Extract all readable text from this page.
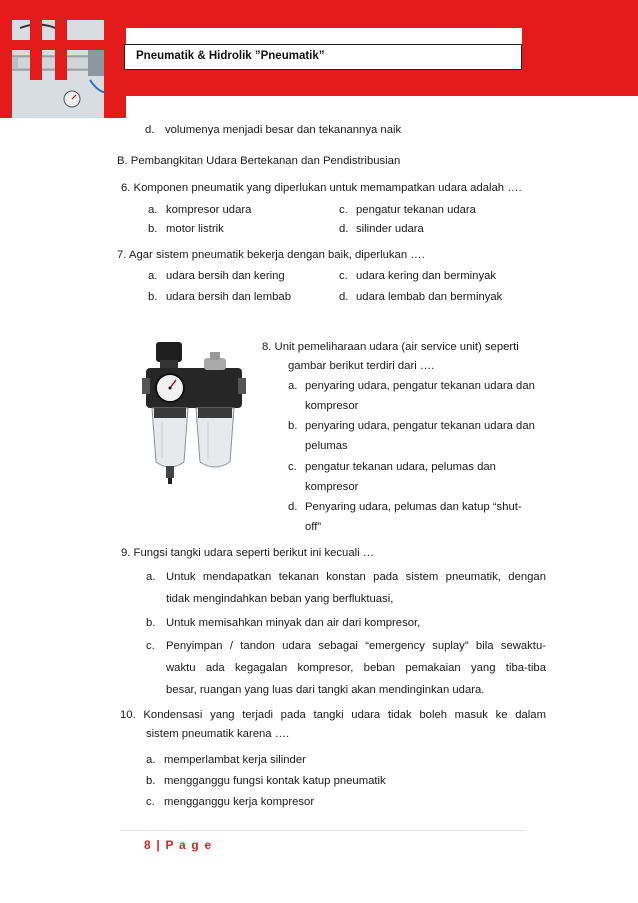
Pneumatik & Hidrolik ”Pneumatik”
d. volumenya menjadi besar dan tekanannya naik
B. Pembangkitan Udara Bertekanan dan Pendistribusian
6. Komponen pneumatik yang diperlukan untuk memampatkan udara adalah ….
a. kompresor udara
b. motor listrik
c. pengatur tekanan udara
d. silinder udara
7. Agar sistem pneumatik bekerja dengan baik, diperlukan ….
a. udara bersih dan kering
b. udara bersih dan lembab
c. udara kering dan berminyak
d. udara lembab dan berminyak
8. Unit pemeliharaan udara (air service unit) seperti
gambar berikut terdiri dari ….
a. penyaring udara, pengatur tekanan udara dan
kompresor
b. penyaring udara, pengatur tekanan udara dan
pelumas
c. pengatur tekanan udara, pelumas dan
kompresor
d. Penyaring udara, pelumas dan katup “shut-
off”
9. Fungsi tangki udara seperti berikut ini kecuali …
a. Untuk mendapatkan tekanan konstan pada sistem pneumatik, dengan
tidak mengindahkan beban yang berfluktuasi,
b. Untuk memisahkan minyak dan air dari kompresor,
c. Penyimpan / tandon udara sebagai “emergency suplay” bila sewaktu-
waktu ada kegagalan kompresor, beban pemakaian yang tiba-tiba
besar, ruangan yang luas dari tangki akan mendinginkan udara.
10. Kondensasi yang terjadi pada tangki udara tidak boleh masuk ke dalam
sistem pneumatik karena ….
a. memperlambat kerja silinder
b. mengganggu fungsi kontak katup pneumatik
c. mengganggu kerja kompresor
8 | P a g e
